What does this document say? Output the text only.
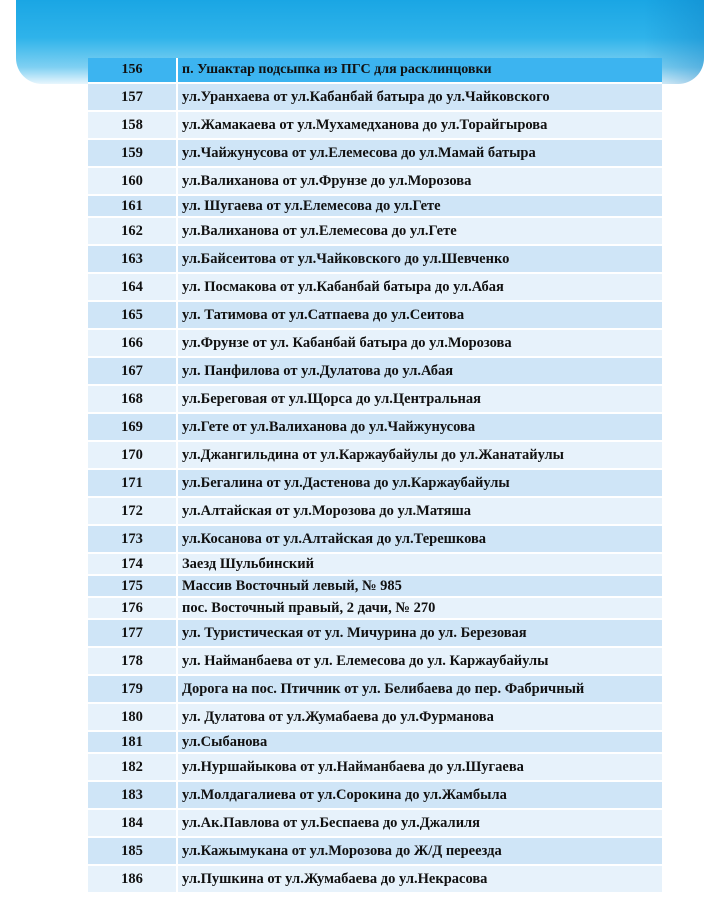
156	п. Ушактар подсыпка из ПГС для расклинцовки
157	ул.Уранхаева от ул.Кабанбай батыра до ул.Чайковского
158	ул.Жамакаева от ул.Мухамедханова до ул.Торайгырова
159	ул.Чайжунусова от ул.Елемесова до ул.Мамай батыра
160	ул.Валиханова от ул.Фрунзе до ул.Морозова
161	ул. Шугаева от ул.Елемесова до ул.Гете
162	ул.Валиханова от ул.Елемесова до ул.Гете
163	ул.Байсеитова от ул.Чайковского до ул.Шевченко
164	ул. Посмакова от ул.Кабанбай батыра до ул.Абая
165	ул. Татимова от ул.Сатпаева до ул.Сеитова
166	ул.Фрунзе от ул. Кабанбай батыра до ул.Морозова
167	ул. Панфилова от ул.Дулатова до ул.Абая
168	ул.Береговая от ул.Щорса до ул.Центральная
169	ул.Гете от ул.Валиханова до ул.Чайжунусова
170	ул.Джангильдина от ул.Каржаубайулы до ул.Жанатайулы
171	ул.Бегалина от ул.Дастенова до ул.Каржаубайулы
172	ул.Алтайская от ул.Морозова до ул.Матяша
173	ул.Косанова от ул.Алтайская до ул.Терешкова
174	Заезд Шульбинский
175	Массив Восточный левый, № 985
176	пос. Восточный правый, 2 дачи, № 270
177	ул. Туристическая от ул. Мичурина до ул. Березовая
178	ул. Найманбаева от ул. Елемесова до ул. Каржаубайулы
179	Дорога на пос. Птичник от ул. Белибаева до пер. Фабричный
180	ул. Дулатова от ул.Жумабаева до ул.Фурманова
181	ул.Сыбанова
182	ул.Нуршайыкова от ул.Найманбаева до ул.Шугаева
183	ул.Молдагалиева от ул.Сорокина до ул.Жамбыла
184	ул.Ак.Павлова от ул.Беспаева до ул.Джалиля
185	ул.Кажымукана от ул.Морозова до Ж/Д переезда
186	ул.Пушкина от ул.Жумабаева до ул.Некрасова
